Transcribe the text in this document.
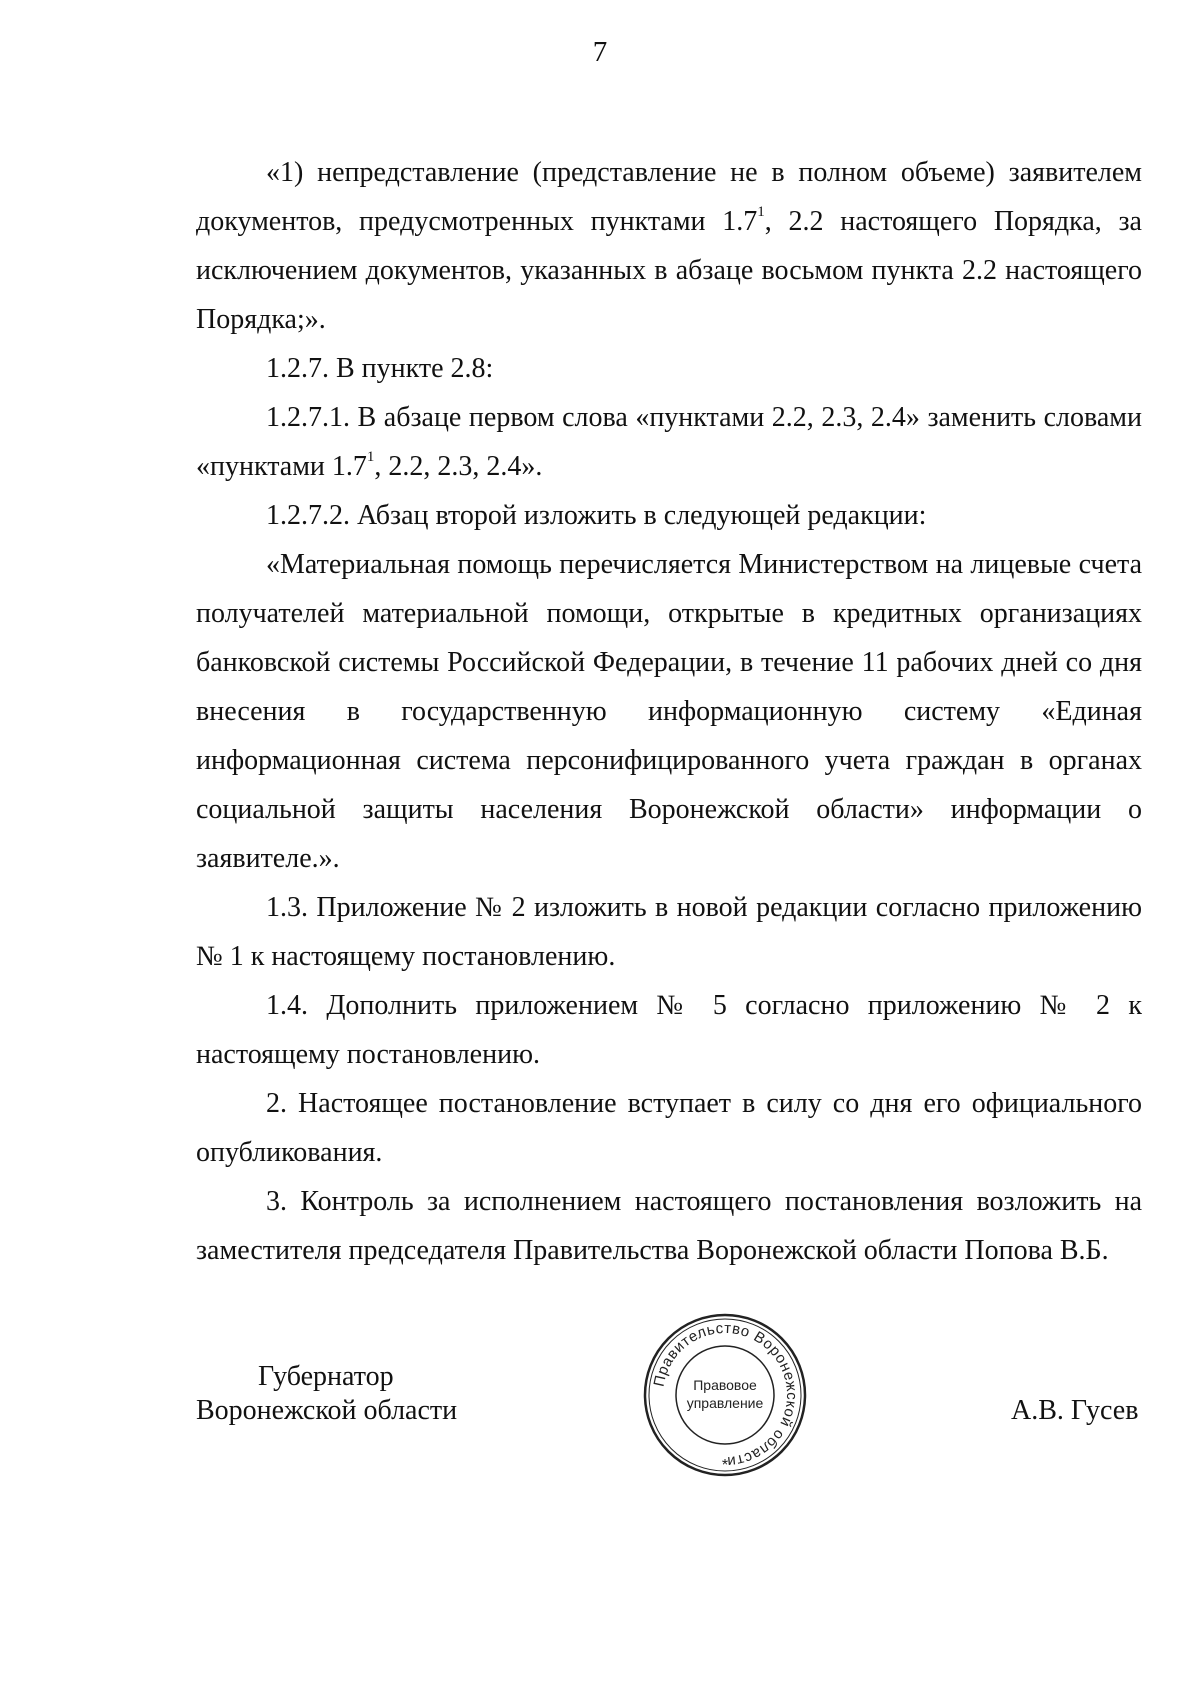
7

«1) непредставление (представление не в полном объеме) заявителем документов, предусмотренных пунктами $1.7^1$, 2.2 настоящего Порядка, за исключением документов, указанных в абзаце восьмом пункта 2.2 настоящего Порядка;».

1.2.7. В пункте 2.8:

1.2.7.1. В абзаце первом слова «пунктами 2.2, 2.3, 2.4» заменить словами «пунктами $1.7^1$, 2.2, 2.3, 2.4».

1.2.7.2. Абзац второй изложить в следующей редакции:

«Материальная помощь перечисляется Министерством на лицевые счета получателей материальной помощи, открытые в кредитных организациях банковской системы Российской Федерации, в течение 11 рабочих дней со дня внесения в государственную информационную систему «Единая информационная система персонифицированного учета граждан в органах социальной защиты населения Воронежской области» информации о заявителе.».

1.3. Приложение № 2 изложить в новой редакции согласно приложению № 1 к настоящему постановлению.

1.4. Дополнить приложением № 5 согласно приложению № 2 к настоящему постановлению.

2. Настоящее постановление вступает в силу со дня его официального опубликования.

3. Контроль за исполнением настоящего постановления возложить на заместителя председателя Правительства Воронежской области Попова В.Б.

Губернатор
Воронежской области
Правительство Воронежской области
Правовое
управление
*
А.В. Гусев
